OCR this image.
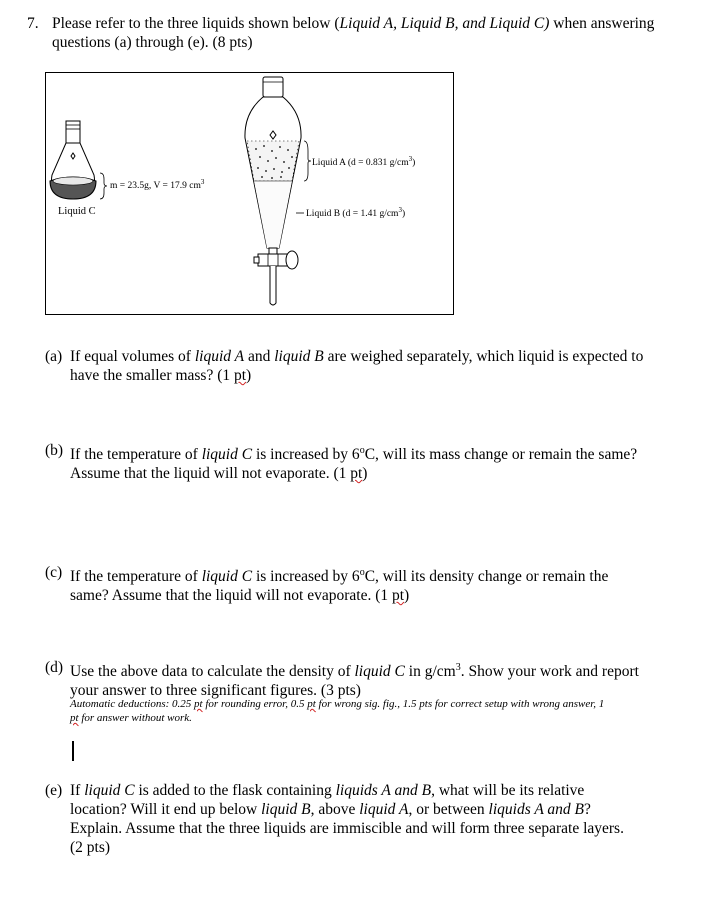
7. Please refer to the three liquids shown below (Liquid A, Liquid B, and Liquid C) when answering questions (a) through (e). (8 pts)
m = 23.5g, V = 17.9 $cm^3$
Liquid C
Liquid A (d = 0.831 $g/cm^3$)
Liquid B (d = 1.41 $g/cm^3$)
(a) If equal volumes of liquid A and liquid B are weighed separately, which liquid is expected to
have the smaller mass? (1 pt)
(b) If the temperature of liquid C is increased by 6$^o$C, will its mass change or remain the same?
Assume that the liquid will not evaporate. (1 pt)
(c) If the temperature of liquid C is increased by 6$^o$C, will its density change or remain the
same? Assume that the liquid will not evaporate. (1 pt)
(d) Use the above data to calculate the density of liquid C in $g/cm^3$. Show your work and report
your answer to three significant figures. (3 pts)
Automatic deductions: 0.25 pt for rounding error, 0.5 pt for wrong sig. fig., 1.5 pts for correct setup with wrong answer, 1
pt for answer without work.
(e) If liquid C is added to the flask containing liquids A and B, what will be its relative
location? Will it end up below liquid B, above liquid A, or between liquids A and B?
Explain. Assume that the three liquids are immiscible and will form three separate layers.
(2 pts)
